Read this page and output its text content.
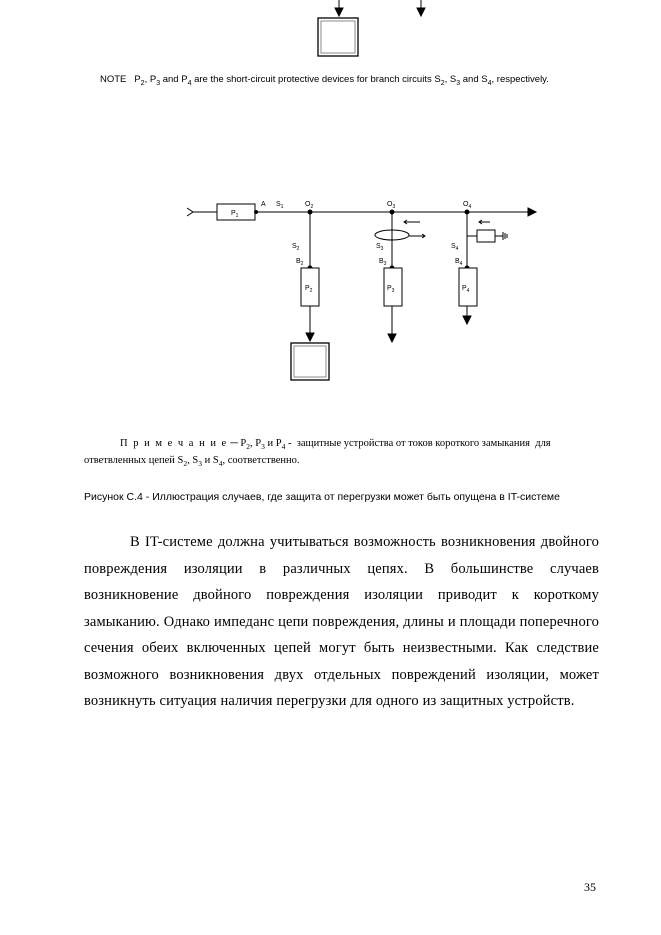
NOTE $P_2$, $P_3$ and $P_4$ are the short-circuit protective devices for branch circuits $S_2$, $S_3$ and $S_4$, respectively.
$P_1$
A $S_1$	$O_2$	$O_3$	$O_4$
$S_2$
$B_2$
$S_3$
$B_3$
$S_4$
$B_4$
$P_2$	$P_3$	$P_4$
П р и м е ч а н и е ─ $P_2$, $P_3$ и $P_4$ -  защитные устройства от токов короткого замыкания  для ответвленных цепей $S_2$, $S_3$ и $S_4$, соответственно.
Рисунок С.4 - Иллюстрация случаев, где защита от перегрузки может быть опущена в IT-системе
В IT-системе должна учитываться возможность возникновения двойного повреждения изоляции в различных цепях. В большинстве случаев возникновение двойного повреждения изоляции приводит к короткому замыканию. Однако импеданс цепи повреждения, длины и площади поперечного сечения обеих включенных цепей могут быть неизвестными. Как следствие возможного возникновения двух отдельных повреждений изоляции, может возникнуть ситуация наличия перегрузки для одного из защитных устройств.
35
